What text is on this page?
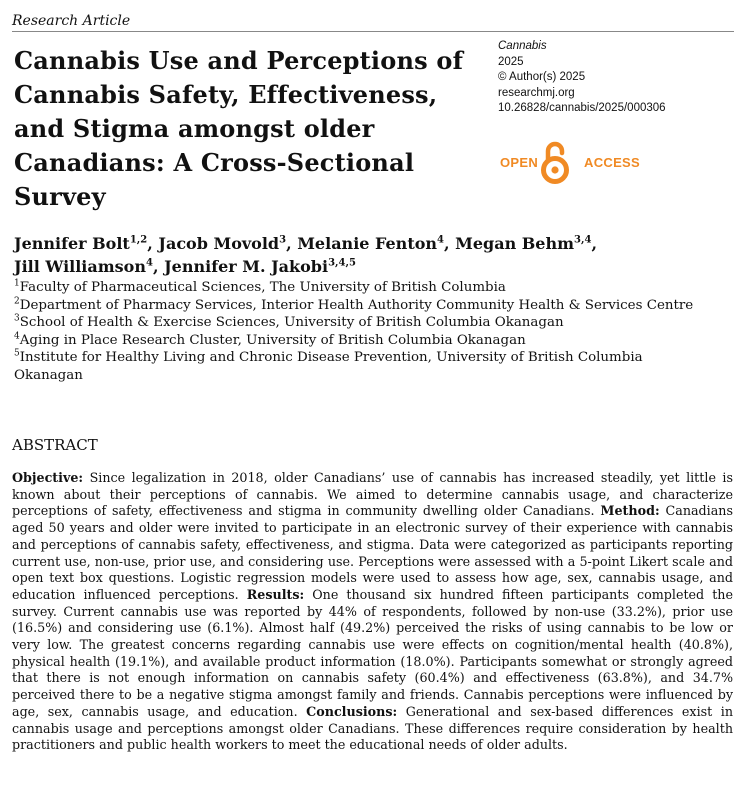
Research Article
Cannabis Use and Perceptions of Cannabis Safety, Effectiveness, and Stigma amongst older Canadians: A Cross-Sectional Survey
Cannabis
2025
© Author(s) 2025
researchmj.org
10.26828/cannabis/2025/000306
OPEN	ACCESS
Jennifer Bolt$^{1,2}$, Jacob Movold$^3$, Melanie Fenton$^4$, Megan Behm$^{3,4}$,
Jill Williamson$^4$, Jennifer M. Jakobi$^{3,4,5}$
$^1$Faculty of Pharmaceutical Sciences, The University of British Columbia
$^2$Department of Pharmacy Services, Interior Health Authority Community Health & Services Centre
$^3$School of Health & Exercise Sciences, University of British Columbia Okanagan
$^4$Aging in Place Research Cluster, University of British Columbia Okanagan
$^5$Institute for Healthy Living and Chronic Disease Prevention, University of British Columbia Okanagan
ABSTRACT

Objective: Since legalization in 2018, older Canadians’ use of cannabis has increased steadily, yet little is known about their perceptions of cannabis. We aimed to determine cannabis usage, and characterize perceptions of safety, effectiveness and stigma in community dwelling older Canadians. Method: Canadians aged 50 years and older were invited to participate in an electronic survey of their experience with cannabis and perceptions of cannabis safety, effectiveness, and stigma. Data were categorized as participants reporting current use, non-use, prior use, and considering use. Perceptions were assessed with a 5-point Likert scale and open text box questions. Logistic regression models were used to assess how age, sex, cannabis usage, and education influenced perceptions. Results: One thousand six hundred fifteen participants completed the survey. Current cannabis use was reported by 44% of respondents, followed by non-use (33.2%), prior use (16.5%) and considering use (6.1%). Almost half (49.2%) perceived the risks of using cannabis to be low or very low. The greatest concerns regarding cannabis use were effects on cognition/mental health (40.8%), physical health (19.1%), and available product information (18.0%). Participants somewhat or strongly agreed that there is not enough information on cannabis safety (60.4%) and effectiveness (63.8%), and 34.7% perceived there to be a negative stigma amongst family and friends. Cannabis perceptions were influenced by age, sex, cannabis usage, and education. Conclusions: Generational and sex-based differences exist in cannabis usage and perceptions amongst older Canadians. These differences require consideration by health practitioners and public health workers to meet the educational needs of older adults.
